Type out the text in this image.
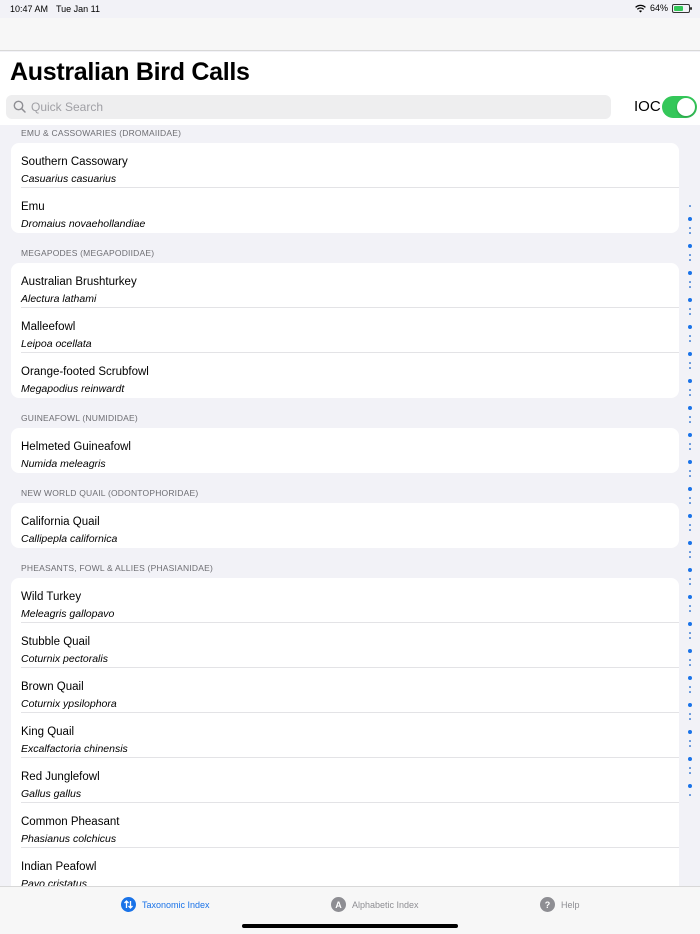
10:47 AM Tue Jan 11	64%
Australian Bird Calls
Quick Search	IOC
EMU & CASSOWARIES (DROMAIIDAE)
Southern Cassowary
Casuarius casuarius
Emu
Dromaius novaehollandiae
MEGAPODES (MEGAPODIIDAE)
Australian Brushturkey
Alectura lathami
Malleefowl
Leipoa ocellata
Orange-footed Scrubfowl
Megapodius reinwardt
GUINEAFOWL (NUMIDIDAE)
Helmeted Guineafowl
Numida meleagris
NEW WORLD QUAIL (ODONTOPHORIDAE)
California Quail
Callipepla californica
PHEASANTS, FOWL & ALLIES (PHASIANIDAE)
Wild Turkey
Meleagris gallopavo
Stubble Quail
Coturnix pectoralis
Brown Quail
Coturnix ypsilophora
King Quail
Excalfactoria chinensis
Red Junglefowl
Gallus gallus
Common Pheasant
Phasianus colchicus
Indian Peafowl
Pavo cristatus
Taxonomic Index	A	Alphabetic Index	?	Help
